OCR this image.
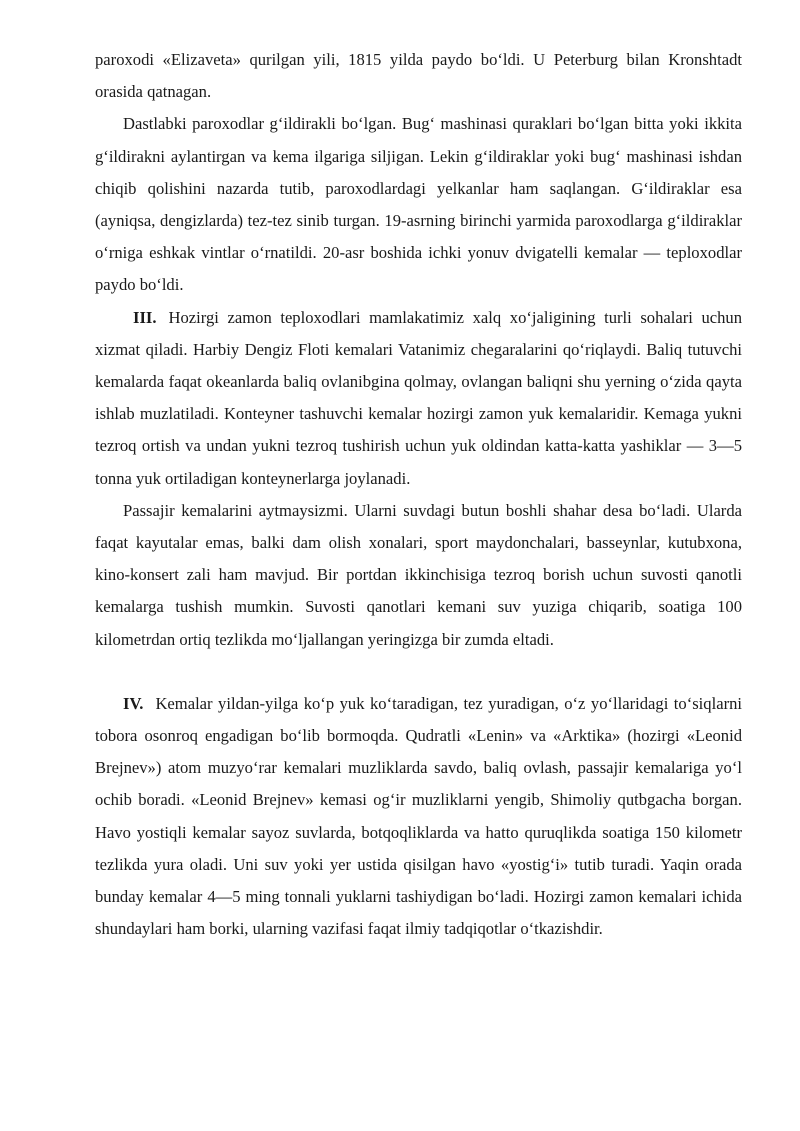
paroxodi «Elizaveta» qurilgan yili, 1815 yilda paydo bo‘ldi. U Peterburg bilan Kronshtadt orasida qatnagan.

Dastlabki paroxodlar g‘ildirakli bo‘lgan. Bug‘ mashinasi quraklari bo‘lgan bitta yoki ikkita g‘ildirakni aylantirgan va kema ilgariga siljigan. Lekin g‘ildiraklar yoki bug‘ mashinasi ishdan chiqib qolishini nazarda tutib, paroxodlardagi yelkanlar ham saqlangan. G‘ildiraklar esa (ayniqsa, dengizlarda) tez-tez sinib turgan. 19-asrning birinchi yarmida paroxodlarga g‘ildiraklar o‘rniga eshkak vintlar o‘rnatildi. 20-asr boshida ichki yonuv dvigatelli kemalar — teploxodlar paydo bo‘ldi.

III. Hozirgi zamon teploxodlari mamlakatimiz xalq xo‘jaligining turli sohalari uchun xizmat qiladi. Harbiy Dengiz Floti kemalari Vatanimiz chegaralarini qo‘riqlaydi. Baliq tutuvchi kemalarda faqat okeanlarda baliq ovlanibgina qolmay, ovlangan baliqni shu yerning o‘zida qayta ishlab muzlatiladi. Konteyner tashuvchi kemalar hozirgi zamon yuk kemalaridir. Kemaga yukni tezroq ortish va undan yukni tezroq tushirish uchun yuk oldindan katta-katta yashiklar — 3—5 tonna yuk ortiladigan konteynerlarga joylanadi.

Passajir kemalarini aytmaysizmi. Ularni suvdagi butun boshli shahar desa bo‘ladi. Ularda faqat kayutalar emas, balki dam olish xonalari, sport maydonchalari, basseynlar, kutubxona, kino-konsert zali ham mavjud. Bir portdan ikkinchisiga tezroq borish uchun suvosti qanotli kemalarga tushish mumkin. Suvosti qanotlari kemani suv yuziga chiqarib, soatiga 100 kilometrdan ortiq tezlikda mo‘ljallangan yeringizga bir zumda eltadi.

IV. Kemalar yildan-yilga ko‘p yuk ko‘taradigan, tez yuradigan, o‘z yo‘llaridagi to‘siqlarni tobora osonroq engadigan bo‘lib bormoqda. Qudratli «Lenin» va «Arktika» (hozirgi «Leonid Brejnev») atom muzyo‘rar kemalari muzliklarda savdo, baliq ovlash, passajir kemalariga yo‘l ochib boradi. «Leonid Brejnev» kemasi og‘ir muzliklarni yengib, Shimoliy qutbgacha borgan. Havo yostiqli kemalar sayoz suvlarda, botqoqliklarda va hatto quruqlikda soatiga 150 kilometr tezlikda yura oladi. Uni suv yoki yer ustida qisilgan havo «yostig‘i» tutib turadi. Yaqin orada bunday kemalar 4—5 ming tonnali yuklarni tashiydigan bo‘ladi. Hozirgi zamon kemalari ichida shundaylari ham borki, ularning vazifasi faqat ilmiy tadqiqotlar o‘tkazishdir.
